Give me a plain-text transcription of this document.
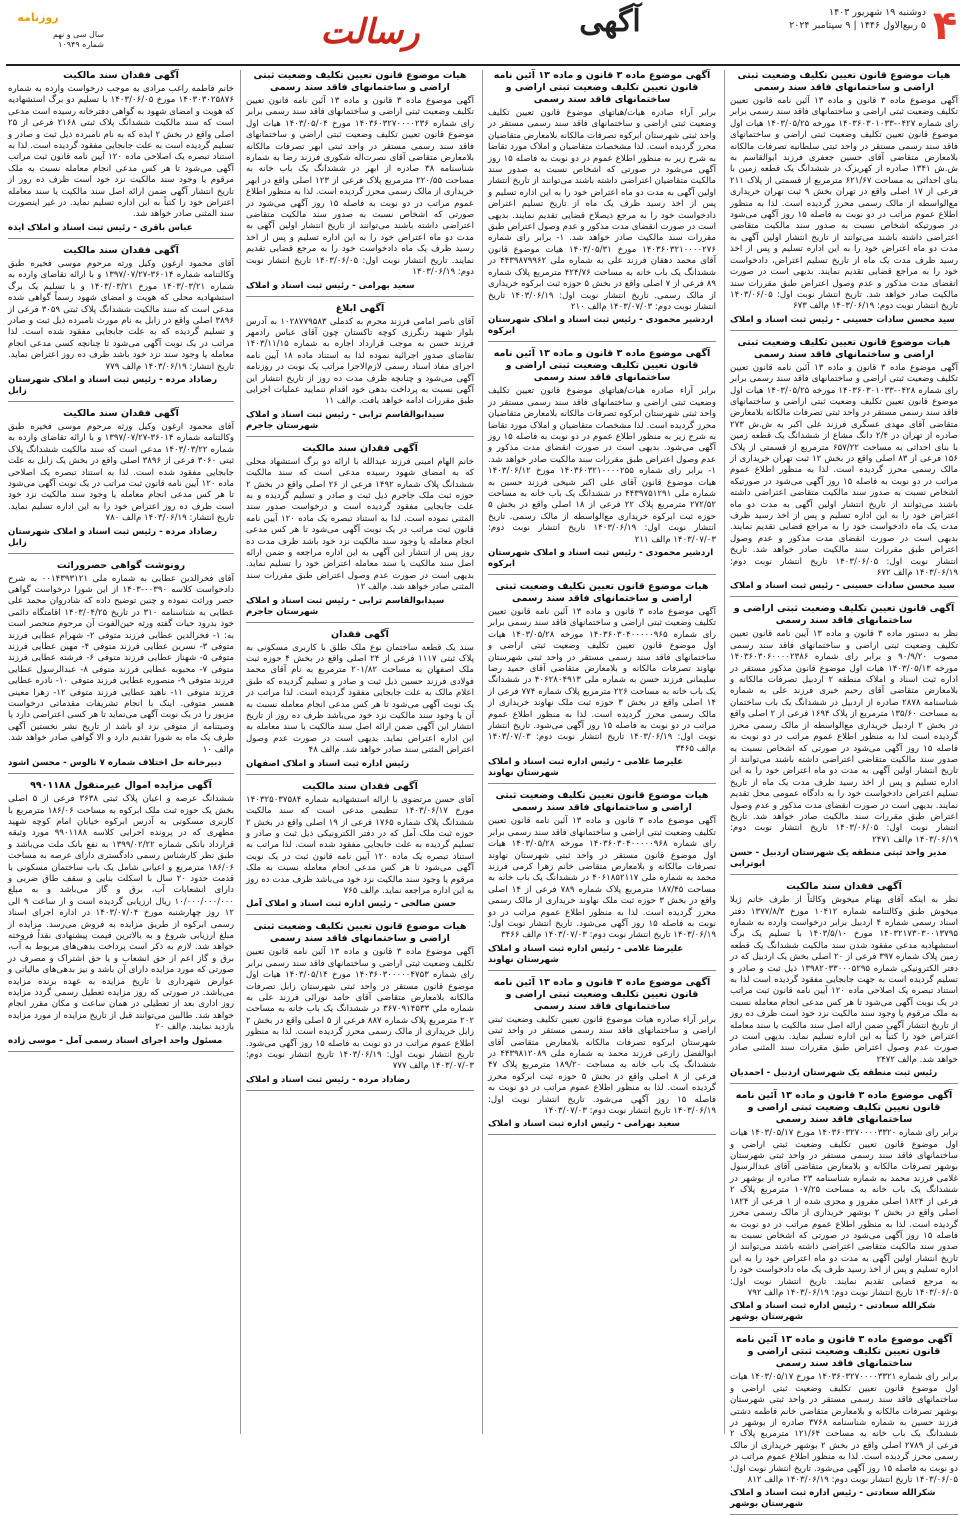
۴
دوشنبه ۱۹ شهریور ۱۴۰۳
۵ ربیع‌الاول ۱۴۴۶ | ۹ سپتامبر ۲۰۲۴
آگهی
رسالت
روزنامه
سال سی و نهم
شماره ۱۰۹۴۹
هیات موضوع قانون تعیین تکلیف وضعیت ثبتی اراضی و ساختمانهای فاقد سند رسمی

آگهی موضوع ماده ۳ قانون و ماده ۱۳ آئین نامه قانون تعیین تکلیف وضعیت ثبتی اراضی و ساختمانهای فاقد سند رسمی برابر رای شماره ۰۴۲۷-۱۴۰۳۶۰۳۰۱۰۳۳ مورخه ۱۴۰۳/۰۵/۲۵ هیات اول موضوع قانون تعیین تکلیف وضعیت ثبتی اراضی و ساختمانهای فاقد سند رسمی مستقر در واحد ثبتی سلطانیه تصرفات مالکانه بلامعارض متقاضی آقای حسین جعفری فرزند ابوالقاسم به ش.ش ۱۳۴۱ صادره از کهریزک در ششدانگ یک قطعه زمین با بنای احداثی به مساحت ۶۲۱/۶۷ مترمربع از قسمتی از پلاک ۲۱۱ فرعی از ۱۷ اصلی واقع در تهران بخش ۹ ثبت تهران خریداری مع‌الواسطه از مالک رسمی محرز گردیده است. لذا به منظور اطلاع عموم مراتب در دو نوبت به فاصله ۱۵ روز آگهی می‌شود در صورتیکه اشخاص نسبت به صدور سند مالکیت متقاضی اعتراضی داشته باشند می‌توانند از تاریخ انتشار اولین آگهی به مدت دو ماه اعتراض خود را به این اداره تسلیم و پس از اخذ رسید ظرف مدت یک ماه از تاریخ تسلیم اعتراض، دادخواست خود را به مراجع قضایی تقدیم نمایند. بدیهی است در صورت انقضای مدت مذکور و عدم وصول اعتراض طبق مقررات سند مالکیت صادر خواهد شد. تاریخ انتشار نوبت اول: ۱۴۰۳/۰۶/۰۵ تاریخ انتشار نوبت دوم: ۱۴۰۳/۰۶/۱۹ م‌الف ۶۷۳

سید محسن سادات حسینی - رئیس ثبت اسناد و املاک
هیات موضوع قانون تعیین تکلیف وضعیت ثبتی اراضی و ساختمانهای فاقد سند رسمی

آگهی موضوع ماده ۳ قانون و ماده ۱۳ آئین نامه قانون تعیین تکلیف وضعیت ثبتی اراضی و ساختمانهای فاقد سند رسمی برابر رای شماره ۰۴۲۸-۱۴۰۳۶۰۳۰۱۰۳۳ مورخه ۱۴۰۳/۰۵/۲۵ هیات اول موضوع قانون تعیین تکلیف وضعیت ثبتی اراضی و ساختمانهای فاقد سند رسمی مستقر در واحد ثبتی تصرفات مالکانه بلامعارض متقاضی آقای مهدی عسگری فرزند علی اکبر به ش.ش ۲۷۳ صادره از تهران در ۲/۴ دانگ مشاع از ششدانگ یک قطعه زمین با بنای احداثی به مساحت ۶۵۷/۲۲ مترمربع از قسمتی از پلاک ۱۵۶ فرعی از ۸۳ اصلی واقع در بخش ۱۲ ثبت تهران خریداری از مالک رسمی محرز گردیده است. لذا به منظور اطلاع عموم مراتب در دو نوبت به فاصله ۱۵ روز آگهی می‌شود در صورتیکه اشخاص نسبت به صدور سند مالکیت متقاضی اعتراضی داشته باشند می‌توانند از تاریخ انتشار اولین آگهی به مدت دو ماه اعتراض خود را به این اداره تسلیم و پس از اخذ رسید ظرف مدت یک ماه دادخواست خود را به مراجع قضایی تقدیم نمایند. بدیهی است در صورت انقضای مدت مذکور و عدم وصول اعتراض طبق مقررات سند مالکیت صادر خواهد شد. تاریخ انتشار نوبت اول: ۱۴۰۳/۰۶/۰۵ تاریخ انتشار نوبت دوم: ۱۴۰۳/۰۶/۱۹ م‌الف ۶۷۲

سید محسن سادات حسینی - رئیس ثبت اسناد و املاک
آگهی قانون تعیین تکلیف وضعیت ثبتی اراضی و ساختمانهای فاقد سند رسمی

نظر به دستور ماده ۳ قانون و ماده ۱۳ آیین نامه قانون تعیین تکلیف وضعیت ثبتی اراضی و ساختمانهای فاقد سند رسمی مصوب ۹۰/۹/۲۰ و برابر رای شماره ۱۴۰۳۶۰۳۰۶۰۰۰۰۲۳۸۶ مورخه ۱۴۰۳/۰۵/۱۳ هیات اول موضوع قانون مذکور مستقر در اداره ثبت اسناد و املاک منطقه ۲ اردبیل تصرفات مالکانه و بلامعارض متقاضی آقای رحیم خیری فرزند علی به شماره شناسنامه ۲۸۷۸ صادره از اردبیل در ششدانگ یک باب ساختمان به مساحت ۱۳۵/۶۰ مترمربع از پلاک ۱۶۹۴ فرعی از ۲ اصلی واقع در بخش ۲ اردبیل خریداری مع‌الواسطه از مالک رسمی محرز گردیده است لذا به منظور اطلاع عموم مراتب در دو نوبت به فاصله ۱۵ روز آگهی می‌شود در صورتی که اشخاص نسبت به صدور سند مالکیت متقاضی اعتراضی داشته باشند می‌توانند از تاریخ انتشار اولین آگهی به مدت دو ماه اعتراض خود را به این اداره تسلیم و پس از اخذ رسید ظرف مدت یک ماه از تاریخ تسلیم اعتراض دادخواست خود را به دادگاه عمومی محل تقدیم نمایند. بدیهی است در صورت انقضای مدت مذکور و عدم وصول اعتراض طبق مقررات سند مالکیت صادر خواهد شد. تاریخ انتشار نوبت اول: ۱۴۰۳/۰۶/۰۵ تاریخ انتشار نوبت دوم: ۱۴۰۳/۰۶/۱۹ م‌الف ۲۴۷۱

مدیر واحد ثبتی منطقه یک شهرستان اردبیل - حسن ابوترابی
آگهی فقدان سند مالکیت

نظر به اینکه آقای بهنام میخوش وکالتاً از طرف خانم ژیلا میخوش طبق وکالتنامه شماره ۱۰۴۱۲ مورخ ۱۳۷۷/۸/۳ دفتر اسناد رسمی شماره ۴ اردبیل برابر درخواست وارده به شماره ۱۴۰۳۲۱۷۳۰۳۰۰۱۳۷۹۵ مورخ ۱۴۰۳/۵/۱۰ با تسلیم یک برگ استشهادیه مدعی مفقود شدن سند مالکیت ششدانگ یک قطعه زمین پلاک شماره ۳۹۷ فرعی از ۲۰ اصلی بخش یک اردبیل که در دفتر الکترونیکی شماره ۱۳۹۸۲۰۳۳۰۰۰۵۲۹۵ ذیل ثبت و صادر و تسلیم گردیده است به جهت جابجایی مفقود گردیده است لذا به استناد تبصره یک اصلاحی ماده ۱۲۰ آیین نامه قانون ثبت مراتب در یک نوبت آگهی می‌شود تا هر کس مدعی انجام معامله نسبت به ملک مرقوم یا وجود سند مالکیت نزد خود است ظرف ده روز از تاریخ انتشار آگهی ضمن ارائه اصل سند مالکیت یا سند معامله اعتراض خود را کتباً به این اداره تسلیم نماید. بدیهی است در صورت عدم وصول اعتراض طبق مقررات سند المثنی صادر خواهد شد. م‌الف ۲۴۷۲

رئیس ثبت منطقه یک شهرستان اردبیل - احمدیان
آگهی موضوع ماده ۳ قانون و ماده ۱۳ آئین نامه قانون تعیین تکلیف وضعیت ثبتی اراضی و ساختمانهای فاقد سند رسمی

برابر رای شماره ۱۴۰۳۶۰۳۲۷۰۰۰۰۳۳۲۰ مورخ ۱۴۰۳/۰۵/۱۷ هیات اول موضوع قانون تعیین تکلیف وضعیت ثبتی اراضی و ساختمانهای فاقد سند رسمی مستقر در واحد ثبتی شهرستان بوشهر تصرفات مالکانه و بلامعارض متقاضی آقای عبدالرسول غلامی فرزند محمد به شماره شناسنامه ۲۳ صادره از بوشهر در ششدانگ یک باب خانه به مساحت ۱۰۷/۲۵ مترمربع پلاک ۲ فرعی از ۱۸۲۴ اصلی مفروز و مجزی شده از ۱ فرعی از ۱۸۲۴ اصلی واقع در بخش ۲ بوشهر خریداری از مالک رسمی محرز گردیده است. لذا به منظور اطلاع عموم مراتب در دو نوبت به فاصله ۱۵ روز آگهی می‌شود در صورتی که اشخاص نسبت به صدور سند مالکیت متقاضی اعتراضی داشته باشند می‌توانند از تاریخ انتشار اولین آگهی به مدت دو ماه اعتراض خود را به این اداره تسلیم و پس از اخذ رسید ظرف یک ماه دادخواست خود را به مرجع قضایی تقدیم نمایند. تاریخ انتشار نوبت اول: ۱۴۰۳/۰۶/۰۵ تاریخ انتشار نوبت دوم: ۱۴۰۳/۰۶/۱۹ م‌الف ۷۹۲

شکرالله سعادتی - رئیس اداره ثبت اسناد و املاک شهرستان بوشهر
آگهی موضوع ماده ۳ قانون و ماده ۱۳ آئین نامه قانون تعیین تکلیف وضعیت ثبتی اراضی و ساختمانهای فاقد سند رسمی

برابر رای شماره ۱۴۰۳۶۰۳۲۷۰۰۰۰۳۳۲۱ مورخ ۱۴۰۳/۰۵/۱۷ هیات اول موضوع قانون تعیین تکلیف وضعیت ثبتی اراضی و ساختمانهای فاقد سند رسمی مستقر در واحد ثبتی شهرستان بوشهر تصرفات مالکانه و بلامعارض متقاضی خانم فاطمه دشتی فرزند حسین به شماره شناسنامه ۳۷۶۸ صادره از بوشهر در ششدانگ یک باب خانه به مساحت ۱۲۱/۶۴ مترمربع پلاک ۲ فرعی از ۲۷۸۹ اصلی واقع در بخش ۲ بوشهر خریداری از مالک رسمی محرز گردیده است. لذا به منظور اطلاع عموم مراتب در دو نوبت به فاصله ۱۵ روز آگهی می‌شود. تاریخ انتشار نوبت اول: ۱۴۰۳/۰۶/۰۵ تاریخ انتشار نوبت دوم: ۱۴۰۳/۰۶/۱۹ م‌الف ۸۱۲

شکرالله سعادتی - رئیس اداره ثبت اسناد و املاک شهرستان بوشهر
آگهی موضوع ماده ۳ قانون و ماده ۱۳ آئین نامه قانون تعیین تکلیف وضعیت ثبتی اراضی و ساختمانهای فاقد سند رسمی

برابر آراء صادره هیات/هیاتهای موضوع قانون تعیین تکلیف وضعیت ثبتی اراضی و ساختمانهای فاقد سند رسمی مستقر در واحد ثبتی شهرستان ابرکوه تصرفات مالکانه بلامعارض متقاضیان محرز گردیده است. لذا مشخصات متقاضیان و املاک مورد تقاضا به شرح زیر به منظور اطلاع عموم در دو نوبت به فاصله ۱۵ روز آگهی می‌شود در صورتی که اشخاص نسبت به صدور سند مالکیت متقاضیان اعتراضی داشته باشند می‌توانند از تاریخ انتشار اولین آگهی به مدت دو ماه اعتراض خود را به این اداره تسلیم و پس از اخذ رسید ظرف یک ماه از تاریخ تسلیم اعتراض دادخواست خود را به مرجع ذیصلاح قضایی تقدیم نمایند. بدیهی است در صورت انقضای مدت مذکور و عدم وصول اعتراض طبق مقررات سند مالکیت صادر خواهد شد. ۱- برابر رای شماره ۱۴۰۳۶۰۳۲۱۰۰۰۰۲۷۶ مورخ ۱۴۰۳/۰۵/۳۱ هیات موضوع قانون آقای محمد دهقان فرزند علی به شماره ملی ۴۴۳۹۸۷۹۹۶۲ در ششدانگ یک باب خانه به مساحت ۴۲۴/۷۶ مترمربع پلاک شماره ۸۹ فرعی از ۷ اصلی واقع در بخش ۵ حوزه ثبت ابرکوه خریداری از مالک رسمی. تاریخ انتشار نوبت اول: ۱۴۰۳/۰۶/۱۹ تاریخ انتشار نوبت دوم: ۱۴۰۳/۰۷/۰۳ م‌الف ۲۱۰

اردشیر محمودی - رئیس ثبت اسناد و املاک شهرستان ابرکوه
آگهی موضوع ماده ۳ قانون و ماده ۱۳ آئین نامه قانون تعیین تکلیف وضعیت ثبتی اراضی و ساختمانهای فاقد سند رسمی

برابر آراء صادره هیات/هیاتهای موضوع قانون تعیین تکلیف وضعیت ثبتی اراضی و ساختمانهای فاقد سند رسمی مستقر در واحد ثبتی شهرستان ابرکوه تصرفات مالکانه بلامعارض متقاضیان محرز گردیده است. لذا مشخصات متقاضیان و املاک مورد تقاضا به شرح زیر به منظور اطلاع عموم در دو نوبت به فاصله ۱۵ روز آگهی می‌شود. بدیهی است در صورت انقضای مدت مذکور و عدم وصول اعتراض طبق مقررات سند مالکیت صادر خواهد شد. ۱- برابر رای شماره ۱۴۰۳۶۰۳۲۱۰۰۰۰۲۵۵ مورخ ۱۴۰۳/۰۶/۱۲ هیات موضوع قانون آقای علی اکبر شیخی فرزند حسین به شماره ملی ۴۴۳۹۷۵۱۲۹۱ در ششدانگ یک باب خانه به مساحت ۲۷۲/۵۲ مترمربع پلاک ۲۲ فرعی از ۱۸ اصلی واقع در بخش ۵ حوزه ثبت ابرکوه خریداری مع‌الواسطه از مالک رسمی. تاریخ انتشار نوبت اول: ۱۴۰۳/۰۶/۱۹ تاریخ انتشار نوبت دوم: ۱۴۰۳/۰۷/۰۳ م‌الف ۲۱۱

اردشیر محمودی - رئیس ثبت اسناد و املاک شهرستان ابرکوه
هیات موضوع قانون تعیین تکلیف وضعیت ثبتی اراضی و ساختمانهای فاقد سند رسمی

آگهی موضوع ماده ۳ قانون و ماده ۱۳ آئین نامه قانون تعیین تکلیف وضعیت ثبتی اراضی و ساختمانهای فاقد سند رسمی برابر رای شماره ۱۴۰۳۶۰۳۰۴۰۰۰۰۰۹۶۵ مورخه ۱۴۰۳/۰۵/۲۸ هیات اول موضوع قانون تعیین تکلیف وضعیت ثبتی اراضی و ساختمانهای فاقد سند رسمی مستقر در واحد ثبتی شهرستان نهاوند تصرفات مالکانه و بلامعارض متقاضی آقای حمید رضا سلیمانی فرزند حسن به شماره ملی ۴۰۶۲۸۰۴۹۱۳ در ششدانگ یک باب خانه به مساحت ۲۲۶ مترمربع پلاک شماره ۷۷۴ فرعی از ۱۴ اصلی واقع در بخش ۳ حوزه ثبت ملک نهاوند خریداری از مالک رسمی محرز گردیده است. لذا به منظور اطلاع عموم مراتب در دو نوبت به فاصله ۱۵ روز آگهی می‌شود. تاریخ انتشار نوبت اول: ۱۴۰۳/۰۶/۱۹ تاریخ انتشار نوبت دوم: ۱۴۰۳/۰۷/۰۳ م‌الف ۳۴۶۵

علیرضا غلامی - رئیس اداره ثبت اسناد و املاک شهرستان نهاوند
هیات موضوع قانون تعیین تکلیف وضعیت ثبتی اراضی و ساختمانهای فاقد سند رسمی

آگهی موضوع ماده ۳ قانون و ماده ۱۳ آئین نامه قانون تعیین تکلیف وضعیت ثبتی اراضی و ساختمانهای فاقد سند رسمی برابر رای شماره ۱۴۰۳۶۰۳۰۴۰۰۰۰۰۹۶۸ مورخه ۱۴۰۳/۰۵/۲۸ هیات اول موضوع قانون مستقر در واحد ثبتی شهرستان نهاوند تصرفات مالکانه و بلامعارض متقاضی خانم زهرا کرمی فرزند محمد به شماره ملی ۴۰۶۱۸۵۲۱۱۷ در ششدانگ یک باب خانه به مساحت ۱۸۷/۴۵ مترمربع پلاک شماره ۷۸۹ فرعی از ۱۴ اصلی واقع در بخش ۳ حوزه ثبت ملک نهاوند خریداری از مالک رسمی محرز گردیده است. لذا به منظور اطلاع عموم مراتب در دو نوبت به فاصله ۱۵ روز آگهی می‌شود. تاریخ انتشار نوبت اول: ۱۴۰۳/۰۶/۱۹ تاریخ انتشار نوبت دوم: ۱۴۰۳/۰۷/۰۳ م‌الف ۳۴۶۶

علیرضا غلامی - رئیس اداره ثبت اسناد و املاک شهرستان نهاوند
آگهی موضوع ماده ۳ قانون و ماده ۱۳ آئین نامه قانون تعیین تکلیف وضعیت ثبتی اراضی و ساختمانهای فاقد سند رسمی

برابر آراء صادره هیات موضوع قانون تعیین تکلیف وضعیت ثبتی اراضی و ساختمانهای فاقد سند رسمی مستقر در واحد ثبتی شهرستان ابرکوه تصرفات مالکانه بلامعارض متقاضی آقای ابوالفضل زارعی فرزند محمد به شماره ملی ۴۴۳۹۸۱۲۰۸۹ در ششدانگ یک باب خانه به مساحت ۱۸۹/۲۰ مترمربع پلاک ۴۷ فرعی از ۸ اصلی واقع در بخش ۵ حوزه ثبت ابرکوه محرز گردیده است. لذا به منظور اطلاع عموم مراتب در دو نوبت به فاصله ۱۵ روز آگهی می‌شود. تاریخ انتشار نوبت اول: ۱۴۰۳/۰۶/۱۹ تاریخ انتشار نوبت دوم: ۱۴۰۳/۰۷/۰۳

سعید بهرامی - رئیس اداره ثبت اسناد و املاک
هیات موضوع قانون تعیین تکلیف وضعیت ثبتی اراضی و ساختمانهای فاقد سند رسمی

آگهی موضوع ماده ۳ قانون و ماده ۱۳ آئین نامه قانون تعیین تکلیف وضعیت ثبتی اراضی و ساختمانهای فاقد سند رسمی برابر رای شماره ۱۴۰۳۶۰۳۲۷۰۰۰۰۲۳۶ مورخ ۱۴۰۳/۰۵/۰۴ هیات اول موضوع قانون تعیین تکلیف وضعیت ثبتی اراضی و ساختمانهای فاقد سند رسمی مستقر در واحد ثبتی ابهر تصرفات مالکانه بلامعارض متقاضی آقای نصرت‌اله شکوری فرزند رضا به شماره شناسنامه ۳۸ صادره از ابهر در ششدانگ یک باب خانه به مساحت ۲۲۰/۵۵ مترمربع پلاک فرعی از ۱۲۳ اصلی واقع در ابهر خریداری از مالک رسمی محرز گردیده است. لذا به منظور اطلاع عموم مراتب در دو نوبت به فاصله ۱۵ روز آگهی می‌شود در صورتی که اشخاص نسبت به صدور سند مالکیت متقاضی اعتراضی داشته باشند می‌توانند از تاریخ انتشار اولین آگهی به مدت دو ماه اعتراض خود را به این اداره تسلیم و پس از اخذ رسید ظرف یک ماه دادخواست خود را به مرجع قضایی تقدیم نمایند. تاریخ انتشار نوبت اول: ۱۴۰۳/۰۶/۰۵ تاریخ انتشار نوبت دوم: ۱۴۰۳/۰۶/۱۹

سعید بهرامی - رئیس ثبت اسناد و املاک
آگهی ابلاغ

آقای ناصر امامی فرزند محرم به کدملی ۱۰۲۸۷۷۹۵۸۳ به آدرس بلوار شهید رنگرزی کوچه تاکستان چون آقای عباس رادمهر فرزند حسن به موجب قرارداد اجاره به شماره ۱۴۰۳/۱۱/۱۵ تقاضای صدور اجرائیه نموده لذا به استناد ماده ۱۸ آیین نامه اجرای مفاد اسناد رسمی لازم‌الاجرا مراتب یک نوبت در روزنامه آگهی می‌شود و چنانچه ظرف مدت ده روز از تاریخ انتشار این آگهی نسبت به پرداخت بدهی خود اقدام ننمایید عملیات اجرایی طبق مقررات ادامه خواهد یافت. م‌الف ۱۱

سیدابوالقاسم ترابی - رئیس ثبت اسناد و املاک شهرستان جاجرم
آگهی فقدان سند مالکیت

خانم الهام امینی فرزند عبدالله با ارائه دو برگ استشهاد محلی که به امضای شهود رسیده مدعی است که سند مالکیت ششدانگ پلاک شماره ۱۴۹۲ فرعی از ۲۶ اصلی واقع در بخش ۲ حوزه ثبت ملک جاجرم ذیل ثبت و صادر و تسلیم گردیده و به علت جابجایی مفقود گردیده است و درخواست صدور سند المثنی نموده است. لذا به استناد تبصره یک ماده ۱۲۰ آیین نامه قانون ثبت مراتب در یک نوبت آگهی می‌شود تا هر کس مدعی انجام معامله یا وجود سند مالکیت نزد خود باشد ظرف مدت ده روز پس از انتشار این آگهی به این اداره مراجعه و ضمن ارائه اصل سند مالکیت یا سند معامله اعتراض خود را تسلیم نماید. بدیهی است در صورت عدم وصول اعتراض طبق مقررات سند المثنی صادر خواهد شد. م‌الف ۱۲

سیدابوالقاسم ترابی - رئیس ثبت اسناد و املاک شهرستان جاجرم
آگهی فقدان

سند یک قطعه ساختمان نوع ملک طلق با کاربری مسکونی به پلاک ثبتی ۱۱۱۷ فرعی از ۲۴ اصلی واقع در بخش ۴ حوزه ثبت ملک اصفهان به مساحت ۲۰۱/۸۲ مترمربع به نام آقای محمد فولادی فرزند حسین ذیل ثبت و صادر و تسلیم گردیده که طبق اعلام مالک به علت جابجایی مفقود گردیده است. لذا مراتب در یک نوبت آگهی می‌شود تا هر کس مدعی انجام معامله نسبت به آن یا وجود سند مالکیت نزد خود می‌باشد ظرف ده روز از تاریخ انتشار این آگهی ضمن ارائه اصل سند مالکیت یا سند معامله به این اداره اعتراض نماید. بدیهی است در صورت عدم وصول اعتراض المثنی سند صادر خواهد شد. م‌الف ۴۸

رئیس اداره ثبت اسناد و املاک اصفهان
آگهی فقدان سند مالکیت

آقای حسن مرتضوی با ارائه استشهادیه شماره ۱۴۰۳۲۵۰۳۷۵۸۴ مورخ ۱۴۰۳/۰۶/۱۷ تنظیمی مدعی است که سند مالکیت ششدانگ پلاک شماره ۱۷۶۵ فرعی از ۱۹ اصلی واقع در بخش ۲ حوزه ثبت ملک آمل که در دفتر الکترونیکی ذیل ثبت و صادر و تسلیم گردیده به علت جابجایی مفقود شده است. لذا مراتب به استناد تبصره یک ماده ۱۲۰ آیین نامه قانون ثبت در یک نوبت آگهی می‌شود تا هر کس مدعی انجام معامله نسبت به ملک مرقوم یا وجود سند مالکیت نزد خود می‌باشد ظرف مدت ده روز به این اداره مراجعه نماید. م‌الف ۷۶۵

حسن صالحی - رئیس اداره ثبت اسناد و املاک آمل
هیات موضوع قانون تعیین تکلیف وضعیت ثبتی اراضی و ساختمانهای فاقد سند رسمی

آگهی موضوع ماده ۳ قانون و ماده ۱۳ آئین نامه قانون تعیین تکلیف وضعیت ثبتی اراضی و ساختمانهای فاقد سند رسمی برابر رای شماره ۱۴۰۳۶۰۳۰۰۰۰۰۴۷۵۳ مورخ ۱۴۰۳/۰۵/۱۴ هیات اول موضوع قانون مستقر در واحد ثبتی شهرستان زابل تصرفات مالکانه بلامعارض متقاضی آقای حامد نورائی فرزند علی به شماره ملی ۳۶۷۰۹۱۴۵۳۳ در ششدانگ یک باب خانه به مساحت ۲۰۲ مترمربع پلاک شماره ۸۸۷ فرعی از ۵ اصلی واقع در بخش ۲ زابل خریداری از مالک رسمی محرز گردیده است. لذا به منظور اطلاع عموم مراتب در دو نوبت به فاصله ۱۵ روز آگهی می‌شود. تاریخ انتشار نوبت اول: ۱۴۰۳/۰۶/۱۹ تاریخ انتشار نوبت دوم: ۱۴۰۳/۰۷/۰۳ م‌الف ۷۷۷

رضاداد مرده - رئیس ثبت اسناد و املاک
آگهی فقدان سند مالکیت

خانم فاطمه راغب مرادی به موجب درخواست وارده به شماره ۱۴۰۳۰۳۰۲۵۸۷۶ مورخ ۱۴۰۳/۰۶/۰۵ با تسلیم دو برگ استشهادیه که هویت و امضای شهود به گواهی دفترخانه رسیده است مدعی است که سند مالکیت ششدانگ پلاک ثبتی ۲۱۶۸ فرعی از ۲۵ اصلی واقع در بخش ۲ ایذه که به نام نامبرده ذیل ثبت و صادر و تسلیم گردیده است به علت جابجایی مفقود گردیده است. لذا به استناد تبصره یک اصلاحی ماده ۱۲۰ آیین نامه قانون ثبت مراتب آگهی می‌شود تا هر کس مدعی انجام معامله نسبت به ملک مرقوم یا وجود سند مالکیت نزد خود است ظرف ده روز از تاریخ انتشار آگهی ضمن ارائه اصل سند مالکیت یا سند معامله اعتراض خود را کتباً به این اداره تسلیم نماید. در غیر اینصورت سند المثنی صادر خواهد شد.

عباس باقری - رئیس ثبت اسناد و املاک ایذه
آگهی فقدان سند مالکیت

آقای محمود ارغون وکیل ورثه مرحوم موسی فخیره طبق وکالتنامه شماره ۳۶۰۱۴-۱۳۹۷/۰۷/۲۷ و با ارائه تقاضای وارده به شماره ۱۴۰۳/۰۳/۲۱ مورخ ۱۴۰۳/۰۳/۲۱ و با تسلیم یک برگ استشهادیه محلی که هویت و امضای شهود رسماً گواهی شده مدعی است که سند مالکیت ششدانگ پلاک ثبتی ۳۰۵۹ فرعی از ۳۸۹۶ اصلی واقع در زابل به نام مورث نامبرده ذیل ثبت و صادر و تسلیم گردیده که به علت جابجایی مفقود شده است. لذا مراتب در یک نوبت آگهی می‌شود تا چنانچه کسی مدعی انجام معامله یا وجود سند نزد خود باشد ظرف ده روز اعتراض نماید. تاریخ انتشار: ۱۴۰۳/۰۶/۱۹ م‌الف ۷۷۹

رضاداد مرده - رئیس ثبت اسناد و املاک شهرستان زابل
آگهی فقدان سند مالکیت

آقای محمود ارغون وکیل ورثه مرحوم موسی فخیره طبق وکالتنامه شماره ۳۶۰۱۴-۱۳۹۷/۰۷/۲۷ و با ارائه تقاضای وارده به شماره ۱۴۰۳/۰۳/۲۲ مدعی است که سند مالکیت ششدانگ پلاک ثبتی ۳۰۶۰ فرعی از ۳۸۹۶ اصلی واقع در بخش یک زابل به علت جابجایی مفقود شده است. لذا به استناد تبصره یک اصلاحی ماده ۱۲۰ آیین نامه قانون ثبت مراتب در یک نوبت آگهی می‌شود تا هر کس مدعی انجام معامله یا وجود سند مالکیت نزد خود است ظرف ده روز اعتراض خود را به این اداره تسلیم نماید. تاریخ انتشار: ۱۴۰۳/۰۶/۱۹ م‌الف ۷۸۰

رضاداد مرده - رئیس ثبت اسناد و املاک شهرستان زابل
رونوشت گواهی حصروراثت

آقای فخرالدین عطایی به شماره ملی ۰۰۱۴۳۹۳۱۲۱ به شرح دادخواست کلاسه ۰۰۳۹۰-۱۴۰۳ از این شورا درخواست گواهی حصر وراثت نموده و چنین توضیح داده که شادروان محمد علی عطایی به شناسنامه ۳۱۰ در تاریخ ۱۴۰۳/۰۴/۲۵ اقامتگاه دائمی خود بدرود حیات گفته ورثه حین‌الفوت آن مرحوم منحصر است به: ۱- فخرالدین عطایی فرزند متوفی ۲- شهرام عطایی فرزند متوفی ۳- نسرین عطایی فرزند متوفی ۴- مهین عطایی فرزند متوفی ۵- شهناز عطایی فرزند متوفی ۶- فرشته عطایی فرزند متوفی ۷- محبوبه عطایی فرزند متوفی ۸- عبدالرسول عطایی فرزند متوفی ۹- منصوره عطایی فرزند متوفی ۱۰- نادره عطایی فرزند متوفی ۱۱- ناهید عطایی فرزند متوفی ۱۲- زهرا معینی همسر متوفی. اینک با انجام تشریفات مقدماتی درخواست مزبور را در یک نوبت آگهی می‌نماید تا هر کسی اعتراضی دارد یا وصیتنامه از متوفی نزد او باشد از تاریخ نشر نخستین آگهی ظرف یک ماه به شورا تقدیم دارد و الا گواهی صادر خواهد شد. م‌الف ۱۰

دبیرخانه حل اختلاف شماره ۷ تالوس - محسن اشود
آگهی مزایده اموال غیرمنقول ۹۹۰۱۱۸۸

ششدانگ عرصه و اعیان پلاک ثبتی ۳۶۳۸ فرعی از ۵ اصلی بخش یک حوزه ثبت ملک ابرکوه به مساحت ۱۸۶/۰۶ مترمربع با کاربری مسکونی به آدرس ابرکوه خیابان امام کوچه شهید مطهری که در پرونده اجرایی کلاسه ۹۹۰۱۱۸۸ مورد وثیقه قرارداد بانکی شماره ۱۳۹۹/۰۲/۲۲ به نفع بانک ملت می‌باشد و طبق نظر کارشناس رسمی دادگستری دارای عرصه به مساحت ۱۸۶/۰۶ مترمربع و اعیانی شامل یک باب ساختمان مسکونی با قدمت حدود ۲۰ سال با اسکلت بنایی و سقف طاق ضربی و دارای انشعابات آب، برق و گاز می‌باشد و به مبلغ ۱۰/۰۰۰/۰۰۰/۰۰۰ ریال ارزیابی گردیده است و از ساعت ۹ الی ۱۲ روز چهارشنبه مورخ ۱۴۰۳/۰۷/۰۴ در اداره اجرای اسناد رسمی ابرکوه از طریق مزایده به فروش می‌رسد. مزایده از مبلغ ارزیابی شروع و به بالاترین قیمت پیشنهادی نقداً فروخته خواهد شد. لازم به ذکر است پرداخت بدهی‌های مربوط به آب، برق و گاز اعم از حق انشعاب و یا حق اشتراک و مصرف در صورتی که مورد مزایده دارای آن باشد و نیز بدهی‌های مالیاتی و عوارض شهرداری تا تاریخ مزایده به عهده برنده مزایده می‌باشد. در صورتی که روز مزایده تعطیل رسمی گردد مزایده روز اداری بعد از تعطیلی در همان ساعت و مکان مقرر انجام خواهد شد. طالبین می‌توانند قبل از تاریخ مزایده از مورد مزایده بازدید نمایند. م‌الف ۲۰

مسئول واحد اجرای اسناد رسمی آمل - موسی زاده
